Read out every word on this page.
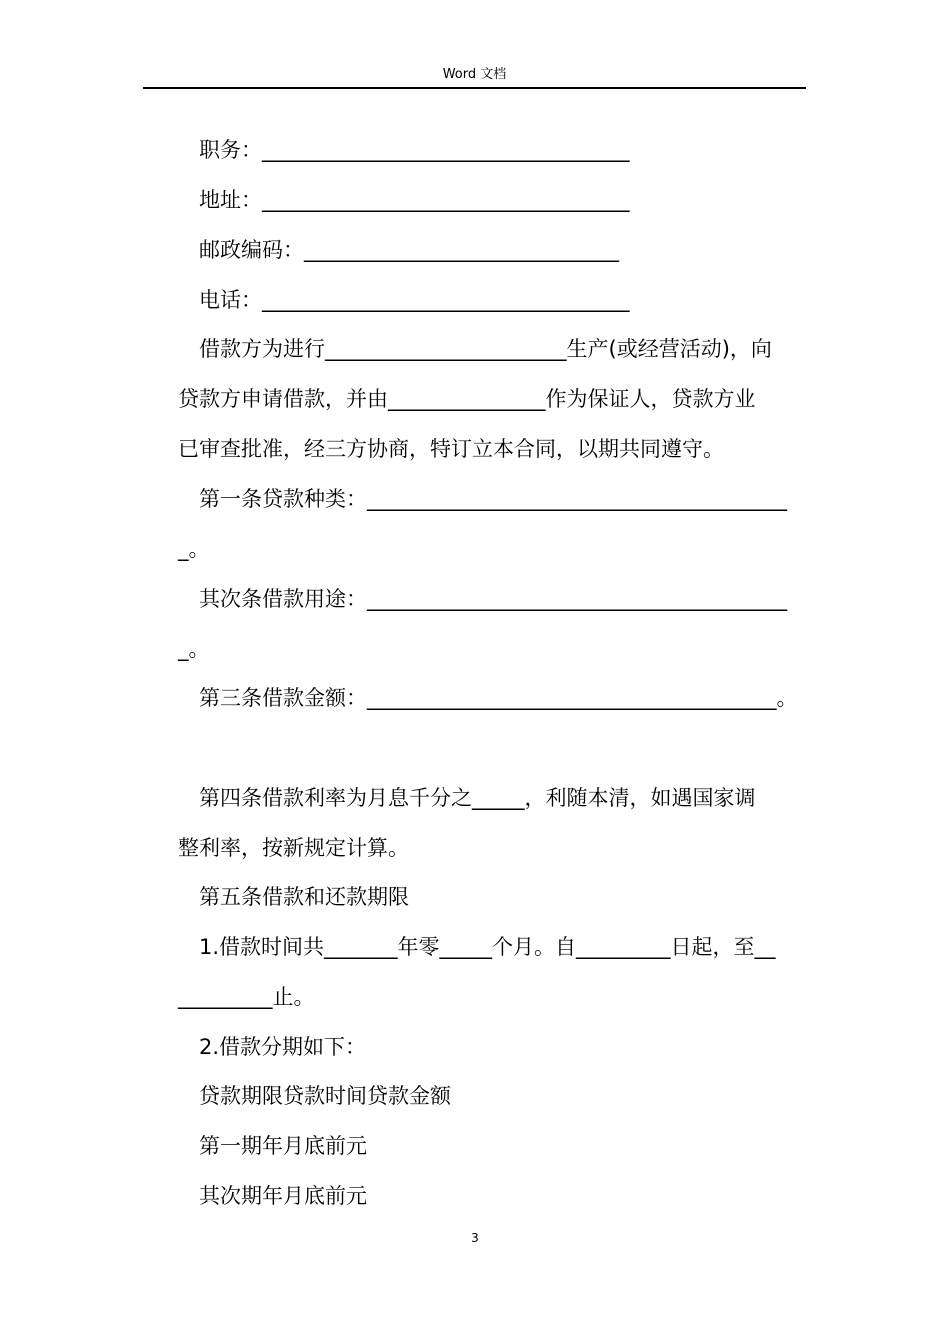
Word 文档
职务：___________________________________
地址：___________________________________
邮政编码：______________________________
电话：___________________________________
借款方为进行_______________________生产(或经营活动)，向
贷款方申请借款，并由_______________作为保证人，贷款方业
已审查批准，经三方协商，特订立本合同，以期共同遵守。
第一条贷款种类：________________________________________
_。
其次条借款用途：________________________________________
_。
第三条借款金额：_______________________________________。
第四条借款利率为月息千分之_____，利随本清，如遇国家调
整利率，按新规定计算。
第五条借款和还款期限
1.借款时间共_______年零_____个月。自_________日起，至__
_________止。
2.借款分期如下：
贷款期限贷款时间贷款金额
第一期年月底前元
其次期年月底前元
3
